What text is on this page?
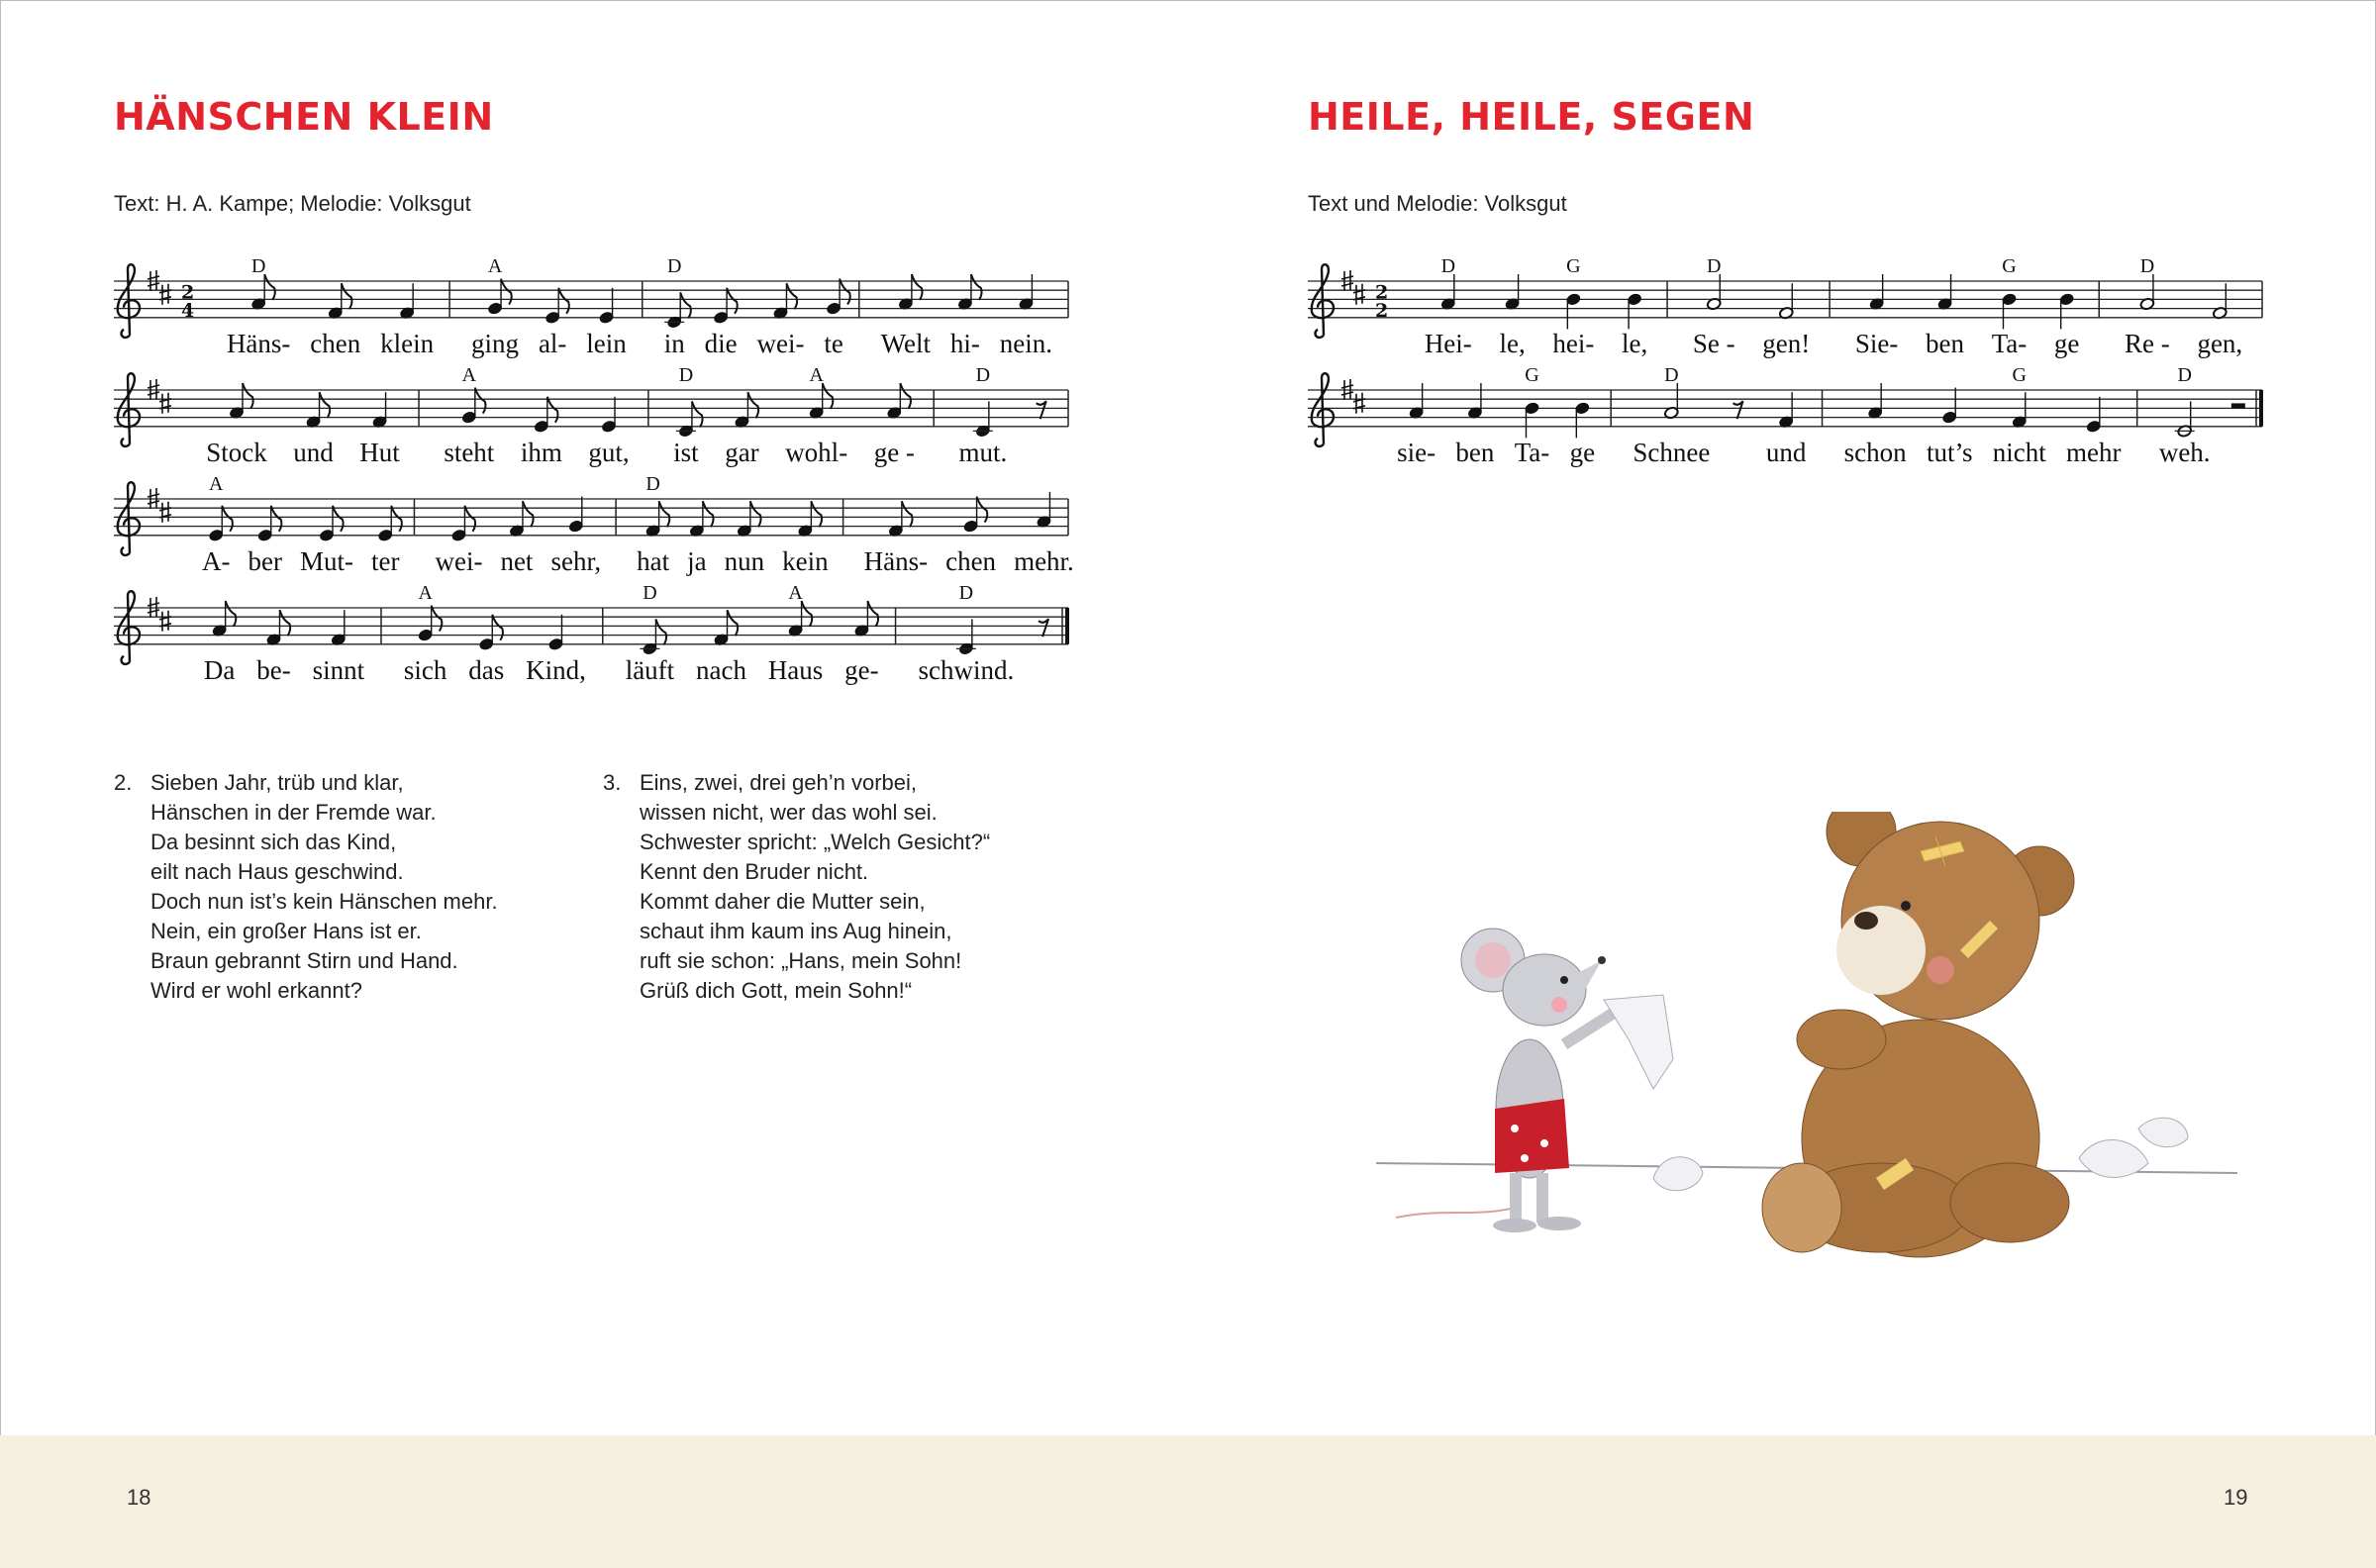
HÄNSCHEN KLEIN
Text: H. A. Kampe; Melodie: Volksgut
HEILE, HEILE, SEGEN
Text und Melodie: Volksgut
2
4
Häns- chen klein ging al- lein in die wei- te Welt hi- nein.
D	A	D
Stock und Hut steht ihm gut, ist gar wohl- ge - mut.
A	D	A	D
A- ber Mut- ter wei- net sehr, hat ja nun kein Häns- chen mehr.
A	D
Da be- sinnt sich das Kind, läuft nach Haus ge- schwind.
A	D	A	D
2
2
Hei- le, hei- le, Se - gen! Sie- ben Ta- ge Re - gen,
D	G	D	G	D
sie- ben Ta- ge Schnee und schon tut’s nicht mehr weh.
G	D	G	D
2. Sieben Jahr, trüb und klar,
Hänschen in der Fremde war.
Da besinnt sich das Kind,
eilt nach Haus geschwind.
Doch nun ist’s kein Hänschen mehr.
Nein, ein großer Hans ist er.
Braun gebrannt Stirn und Hand.
Wird er wohl erkannt?
3. Eins, zwei, drei geh’n vorbei,
wissen nicht, wer das wohl sei.
Schwester spricht: „Welch Gesicht?“
Kennt den Bruder nicht.
Kommt daher die Mutter sein,
schaut ihm kaum ins Aug hinein,
ruft sie schon: „Hans, mein Sohn!
Grüß dich Gott, mein Sohn!“
18	19
